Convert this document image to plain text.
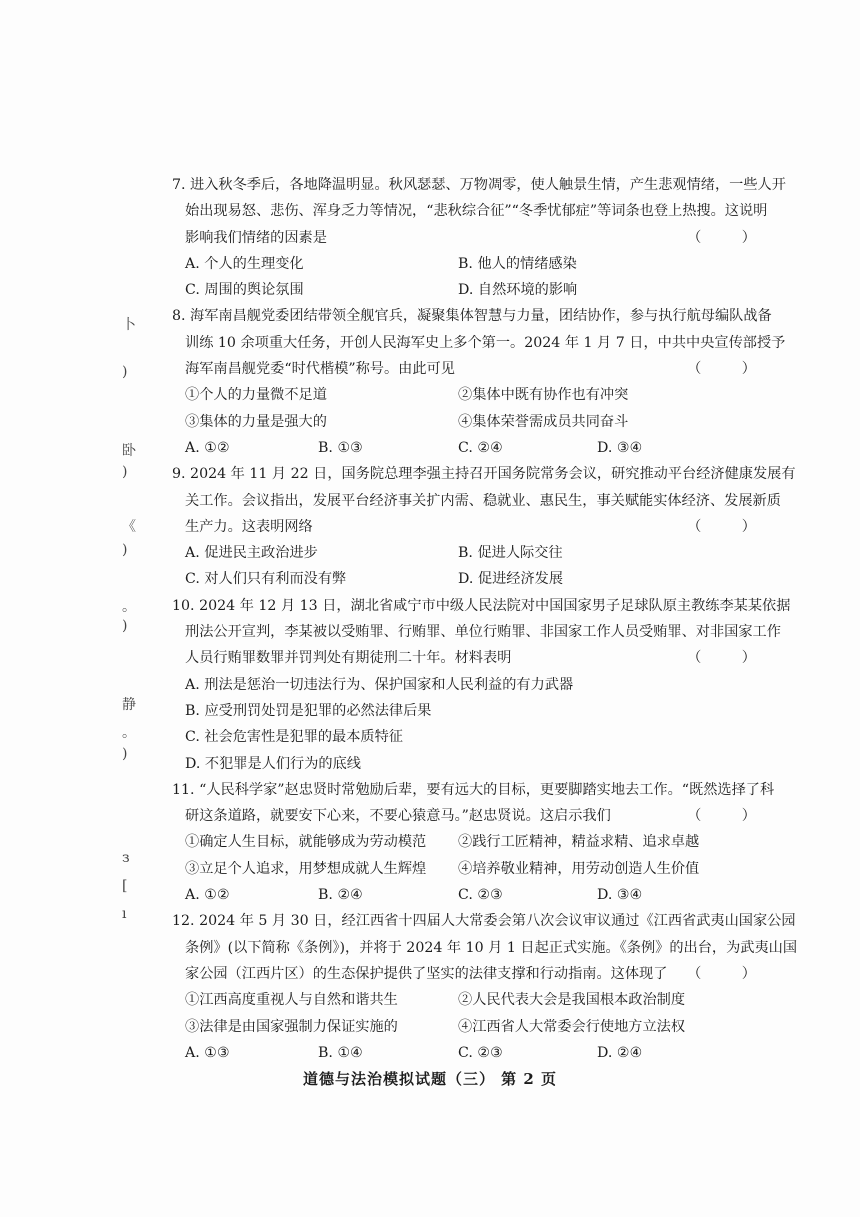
卜
)
卧
)
《
)
。
)
静
。
)
з
[
ı
7. 进入秋冬季后，各地降温明显。秋风瑟瑟、万物凋零，使人触景生情，产生悲观情绪，一些人开
始出现易怒、悲伤、浑身乏力等情况，“悲秋综合征”“冬季忧郁症”等词条也登上热搜。这说明
影响我们情绪的因素是	（ ）
A. 个人的生理变化	B. 他人的情绪感染
C. 周围的舆论氛围	D. 自然环境的影响
8. 海军南昌舰党委团结带领全舰官兵，凝聚集体智慧与力量，团结协作，参与执行航母编队战备
训练 10 余项重大任务，开创人民海军史上多个第一。2024 年 1 月 7 日，中共中央宣传部授予
海军南昌舰党委“时代楷模”称号。由此可见	（ ）
①个人的力量微不足道	②集体中既有协作也有冲突
③集体的力量是强大的	④集体荣誉需成员共同奋斗
A. ①②	B. ①③	C. ②④	D. ③④
9. 2024 年 11 月 22 日，国务院总理李强主持召开国务院常务会议，研究推动平台经济健康发展有
关工作。会议指出，发展平台经济事关扩内需、稳就业、惠民生，事关赋能实体经济、发展新质
生产力。这表明网络	（ ）
A. 促进民主政治进步	B. 促进人际交往
C. 对人们只有利而没有弊	D. 促进经济发展
10. 2024 年 12 月 13 日，湖北省咸宁市中级人民法院对中国国家男子足球队原主教练李某某依据
刑法公开宣判，李某被以受贿罪、行贿罪、单位行贿罪、非国家工作人员受贿罪、对非国家工作
人员行贿罪数罪并罚判处有期徒刑二十年。材料表明	（ ）
A. 刑法是惩治一切违法行为、保护国家和人民利益的有力武器
B. 应受刑罚处罚是犯罪的必然法律后果
C. 社会危害性是犯罪的最本质特征
D. 不犯罪是人们行为的底线
11. “人民科学家”赵忠贤时常勉励后辈，要有远大的目标，更要脚踏实地去工作。“既然选择了科
研这条道路，就要安下心来，不要心猿意马。”赵忠贤说。这启示我们	（ ）
①确定人生目标，就能够成为劳动模范 ②践行工匠精神，精益求精、追求卓越
③立足个人追求，用梦想成就人生辉煌 ④培养敬业精神，用劳动创造人生价值
A. ①②	B. ②④	C. ②③	D. ③④
12. 2024 年 5 月 30 日，经江西省十四届人大常委会第八次会议审议通过《江西省武夷山国家公园
条例》(以下简称《条例》)，并将于 2024 年 10 月 1 日起正式实施。《条例》的出台，为武夷山国
家公园（江西片区）的生态保护提供了坚实的法律支撑和行动指南。这体现了 （ ）
①江西高度重视人与自然和谐共生	②人民代表大会是我国根本政治制度
③法律是由国家强制力保证实施的	④江西省人大常委会行使地方立法权
A. ①③	B. ①④	C. ②③	D. ②④
道德与法治模拟试题（三） 第 2 页
